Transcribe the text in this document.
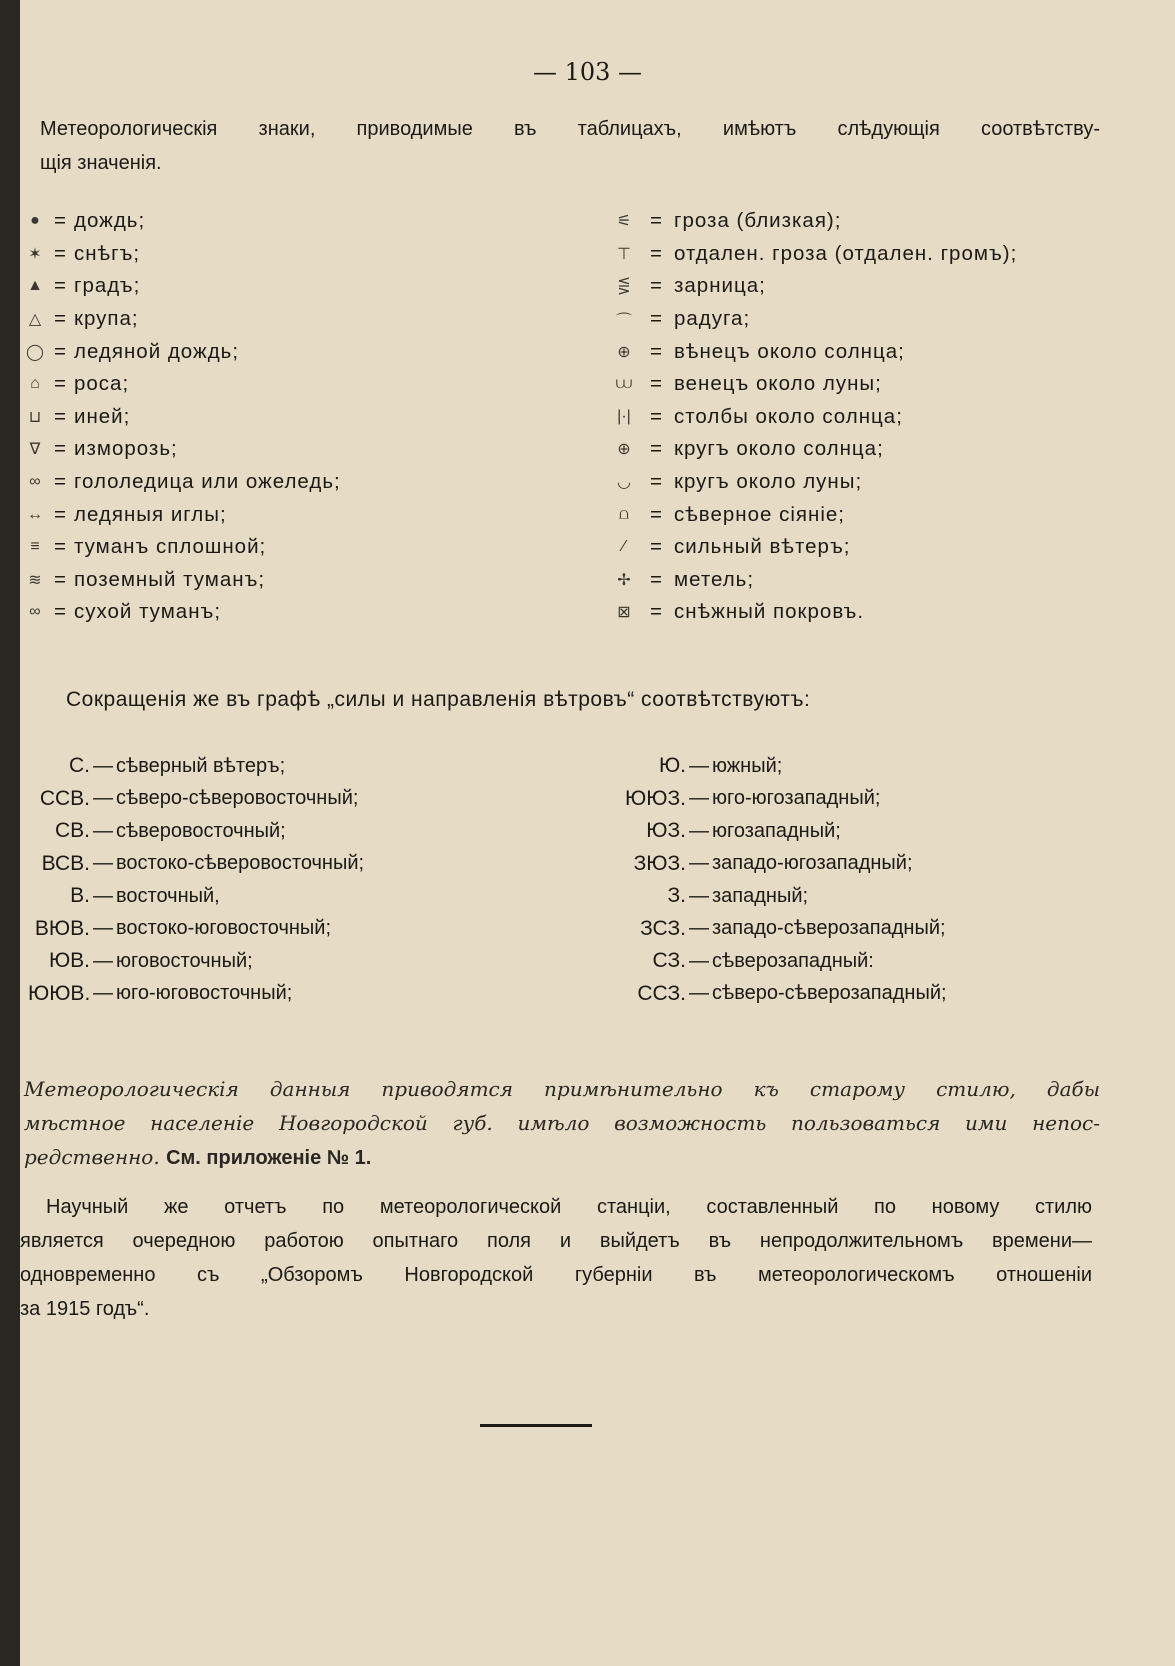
— 103 —
Метеорологическія знаки, приводимые въ таблицахъ, имѣютъ слѣдующія соотвѣтству-
щія значенія.
● = дождь;
✶ = снѣгъ;
▲ = градъ;
△ = крупа;
◯ = ледяной дождь;
⌂ = роса;
⊔ = иней;
∇ = изморозь;
∞ = гололедица или ожеледь;
↔ = ледяныя иглы;
≡ = туманъ сплошной;
≋ = поземный туманъ;
∞ = сухой туманъ;
⚟ = гроза (близкая);
⊤ = отдален. гроза (отдален. громъ);
⋚ = зарница;
⌒ = радуга;
⊕ = вѣнецъ около солнца;
⩊ = венецъ около луны;
|·| = столбы около солнца;
⊕ = кругъ около солнца;
◡ = кругъ около луны;
⩍	= сѣверное сіяніе;
∕	= сильный вѣтеръ;
✢ = метель;
⊠ = снѣжный покровъ.
Сокращенія же въ графѣ „силы и направленія вѣтровъ“ соотвѣтствуютъ:
С. — сѣверный вѣтеръ;
ССВ. — сѣверо-сѣверовосточный;
СВ. — сѣверовосточный;
ВСВ. — востоко-сѣверовосточный;
В. — восточный,
ВЮВ. — востоко-юговосточный;
ЮВ. — юговосточный;
ЮЮВ. — юго-юговосточный;
Ю. — южный;
ЮЮЗ. — юго-югозападный;
ЮЗ. — югозападный;
ЗЮЗ. — западо-югозападный;
З. — западный;
ЗСЗ. — западо-сѣверозападный;
СЗ. — сѣверозападный:
ССЗ. — сѣверо-сѣверозападный;
Метеорологическія данныя приводятся примѣнительно къ старому стилю, дабы
мѣстное населеніе Новгородской губ. имѣло возможность пользоваться ими непос-
редственно. См. приложеніе № 1.
Научный же отчетъ по метеорологической станціи, составленный по новому стилю
является очередною работою опытнаго поля и выйдетъ въ непродолжительномъ времени—
одновременно съ „Обзоромъ Новгородской губерніи въ метеорологическомъ отношеніи
за 1915 годъ“.
